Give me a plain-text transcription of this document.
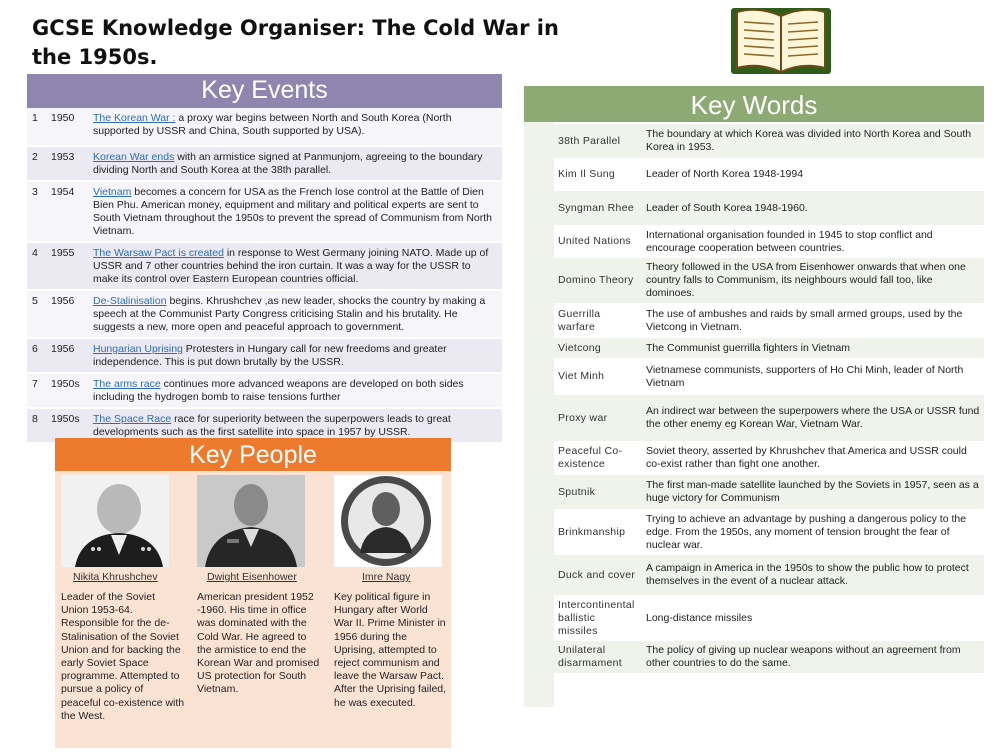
GCSE Knowledge Organiser: The Cold War in the 1950s.
Key Events
1	1950	The Korean War : a proxy war begins between North and South Korea (North supported by USSR and China, South supported by USA).
2	1953	Korean War ends with an armistice signed at Panmunjom, agreeing to the boundary dividing North and South Korea at the 38th parallel.
3	1954	Vietnam becomes a concern for USA as the French lose control at the Battle of Dien Bien Phu. American money, equipment and military and political experts are sent to South Vietnam throughout the 1950s to prevent the spread of Communism from North Vietnam.
4	1955	The Warsaw Pact is created in response to West Germany joining NATO. Made up of USSR and 7 other countries behind the iron curtain. It was a way for the USSR to make its control over Eastern European countries official.
5	1956	De-Stalinisation begins. Khrushchev ,as new leader, shocks the country by making a speech at the Communist Party Congress criticising Stalin and his brutality. He suggests a new, more open and peaceful approach to government.
6	1956	Hungarian Uprising Protesters in Hungary call for new freedoms and greater independence. This is put down brutally by the USSR.
7	1950s	The arms race continues more advanced weapons are developed on both sides including the hydrogen bomb to raise tensions further
8	1950s	The Space Race race for superiority between the superpowers leads to great developments such as the first satellite into space in 1957 by USSR.
Key People
Nikita Khrushchev
Leader of the Soviet Union 1953-64. Responsible for the de-Stalinisation of the Soviet Union and for backing the early Soviet Space programme. Attempted to pursue a policy of peaceful co-existence with the West.
Dwight Eisenhower
American president 1952 -1960. His time in office was dominated with the Cold War. He agreed to the armistice to end the Korean War and promised US protection for South Vietnam.
Imre Nagy
Key political figure in Hungary after World War II. Prime Minister in 1956 during the Uprising, attempted to reject communism and leave the Warsaw Pact. After the Uprising failed, he was executed.
Key Words
38th Parallel	The boundary at which Korea was divided into North Korea and South Korea in 1953.
Kim Il Sung	Leader of North Korea 1948-1994
Syngman Rhee	Leader of South Korea 1948-1960.
United Nations	International organisation founded in 1945 to stop conflict and encourage cooperation between countries.
Domino Theory	Theory followed in the USA from Eisenhower onwards that when one country falls to Communism, its neighbours would fall too, like dominoes.
Guerrilla warfare	The use of ambushes and raids by small armed groups, used by the Vietcong in Vietnam.
Vietcong	The Communist guerrilla fighters in Vietnam
Viet Minh	Vietnamese communists, supporters of Ho Chi Minh, leader of North Vietnam
Proxy war	An indirect war between the superpowers where the USA or USSR fund the other enemy eg Korean War, Vietnam War.
Peaceful Co-existence	Soviet theory, asserted by Khrushchev that America and USSR could co-exist rather than fight one another.
Sputnik	The first man-made satellite launched by the Soviets in 1957, seen as a huge victory for Communism
Brinkmanship	Trying to achieve an advantage by pushing a dangerous policy to the edge. From the 1950s, any moment of tension brought the fear of nuclear war.
Duck and cover	A campaign in America in the 1950s to show the public how to protect themselves in the event of a nuclear attack.
Intercontinental ballistic missiles	Long-distance missiles
Unilateral disarmament	The policy of giving up nuclear weapons without an agreement from other countries to do the same.
